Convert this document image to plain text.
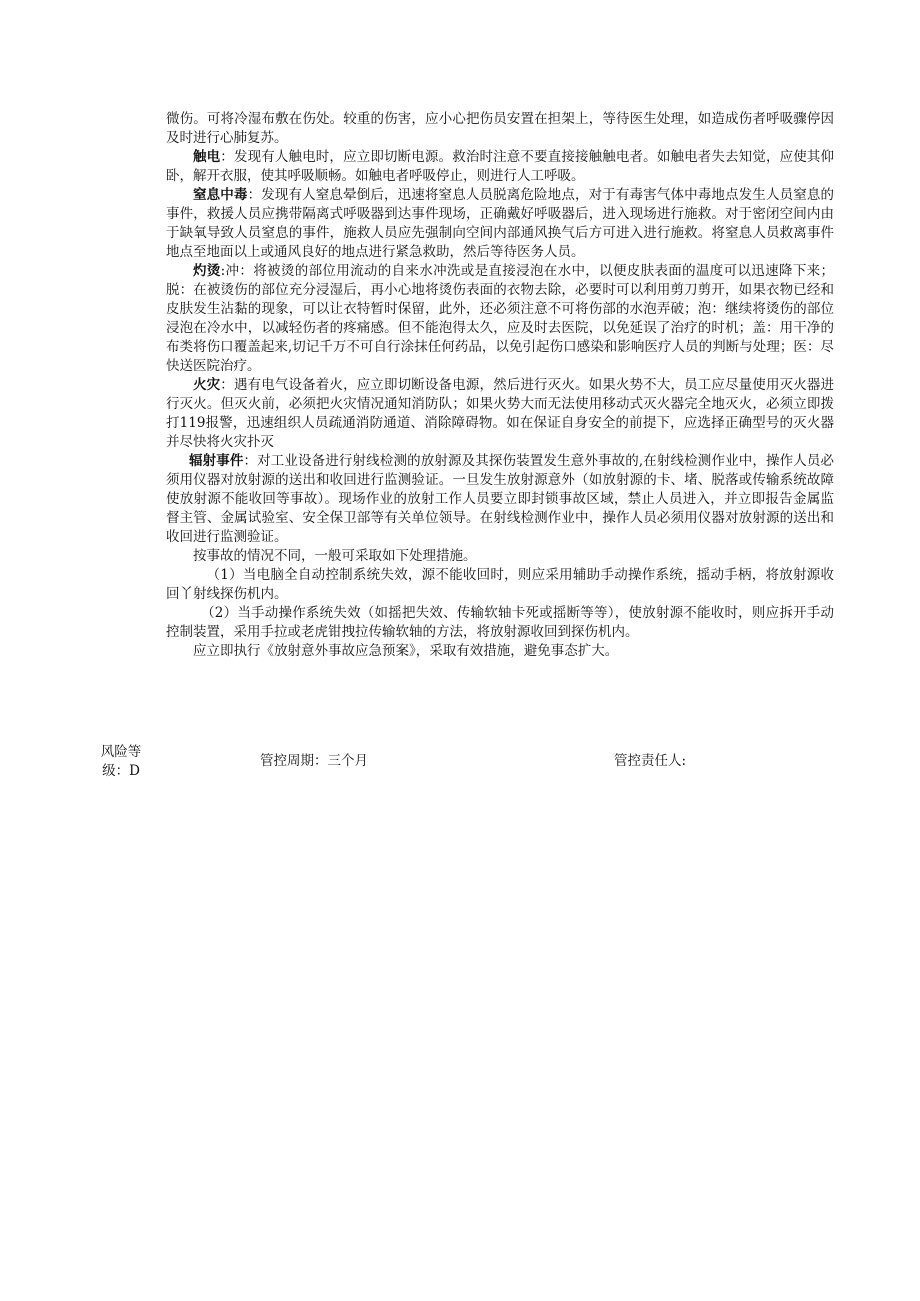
微伤。可将冷湿布敷在伤处。较重的伤害，应小心把伤员安置在担架上，等待医生处理，如造成伤者呼吸骤停因及时进行心肺复苏。

触电：发现有人触电时，应立即切断电源。救治时注意不要直接接触触电者。如触电者失去知觉，应使其仰卧，解开衣服，使其呼吸顺畅。如触电者呼吸停止，则进行人工呼吸。

窒息中毒：发现有人窒息晕倒后，迅速将窒息人员脱离危险地点，对于有毒害气体中毒地点发生人员窒息的事件，救援人员应携带隔离式呼吸器到达事件现场，正确戴好呼吸器后，进入现场进行施救。对于密闭空间内由于缺氧导致人员窒息的事件，施救人员应先强制向空间内部通风换气后方可进入进行施救。将窒息人员救离事件地点至地面以上或通风良好的地点进行紧急救助，然后等待医务人员。

灼烫:冲：将被烫的部位用流动的自来水冲洗或是直接浸泡在水中，以便皮肤表面的温度可以迅速降下来；脱：在被烫伤的部位充分浸湿后，再小心地将烫伤表面的衣物去除，必要时可以利用剪刀剪开，如果衣物已经和皮肤发生沾黏的现象，可以让衣特暂时保留，此外，还必须注意不可将伤部的水泡弄破；泡：继续将烫伤的部位浸泡在冷水中，以减轻伤者的疼痛感。但不能泡得太久，应及时去医院，以免延误了治疗的时机；盖：用干净的布类将伤口覆盖起来,切记千万不可自行涂抹任何药品，以免引起伤口感染和影响医疗人员的判断与处理；医：尽快送医院治疗。

火灾：遇有电气设备着火，应立即切断设备电源，然后进行灭火。如果火势不大，员工应尽量使用灭火器进行灭火。但灭火前，必须把火灾情况通知消防队；如果火势大而无法使用移动式灭火器完全地灭火，必须立即拨打119报警，迅速组织人员疏通消防通道、消除障碍物。如在保证自身安全的前提下，应选择正确型号的灭火器并尽快将火灾扑灭

辐射事件：对工业设备进行射线检测的放射源及其探伤装置发生意外事故的,在射线检测作业中，操作人员必须用仪器对放射源的送出和收回进行监测验证。一旦发生放射源意外（如放射源的卡、堵、脱落或传输系统故障使放射源不能收回等事故）。现场作业的放射工作人员要立即封锁事故区域，禁止人员进入，并立即报告金属监督主管、金属试验室、安全保卫部等有关单位领导。在射线检测作业中，操作人员必须用仪器对放射源的送出和收回进行监测验证。

按事故的情况不同，一般可采取如下处理措施。

（1）当电脑全自动控制系统失效，源不能收回时，则应采用辅助手动操作系统，摇动手柄，将放射源收回丫射线探伤机内。

（2）当手动操作系统失效（如摇把失效、传输软轴卡死或摇断等等），使放射源不能收时，则应拆开手动控制装置，采用手拉或老虎钳拽拉传输软轴的方法，将放射源收回到探伤机内。

应立即执行《放射意外事故应急预案》，采取有效措施，避免事态扩大。

风险等
级：D
管控周期：三个月	管控责任人:
